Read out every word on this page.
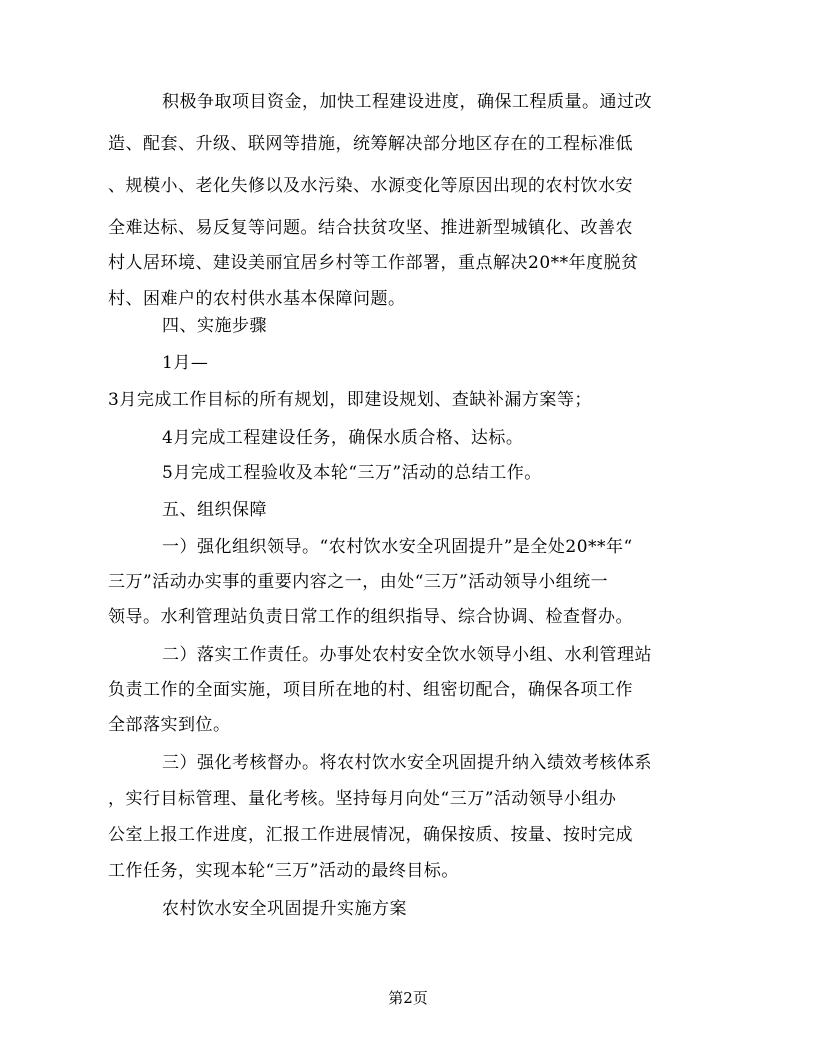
积极争取项目资金，加快工程建设进度，确保工程质量。通过改
造、配套、升级、联网等措施，统筹解决部分地区存在的工程标准低
、规模小、老化失修以及水污染、水源变化等原因出现的农村饮水安
全难达标、易反复等问题。结合扶贫攻坚、推进新型城镇化、改善农
村人居环境、建设美丽宜居乡村等工作部署，重点解决20**年度脱贫
村、困难户的农村供水基本保障问题。
四、实施步骤
1月—
3月完成工作目标的所有规划，即建设规划、查缺补漏方案等；
4月完成工程建设任务，确保水质合格、达标。
5月完成工程验收及本轮“三万”活动的总结工作。
五、组织保障
一）强化组织领导。“农村饮水安全巩固提升”是全处20**年“
三万”活动办实事的重要内容之一，由处“三万”活动领导小组统一
领导。水利管理站负责日常工作的组织指导、综合协调、检查督办。
二）落实工作责任。办事处农村安全饮水领导小组、水利管理站
负责工作的全面实施，项目所在地的村、组密切配合，确保各项工作
全部落实到位。
三）强化考核督办。将农村饮水安全巩固提升纳入绩效考核体系
，实行目标管理、量化考核。坚持每月向处“三万”活动领导小组办
公室上报工作进度，汇报工作进展情况，确保按质、按量、按时完成
工作任务，实现本轮“三万”活动的最终目标。
农村饮水安全巩固提升实施方案
第2页
